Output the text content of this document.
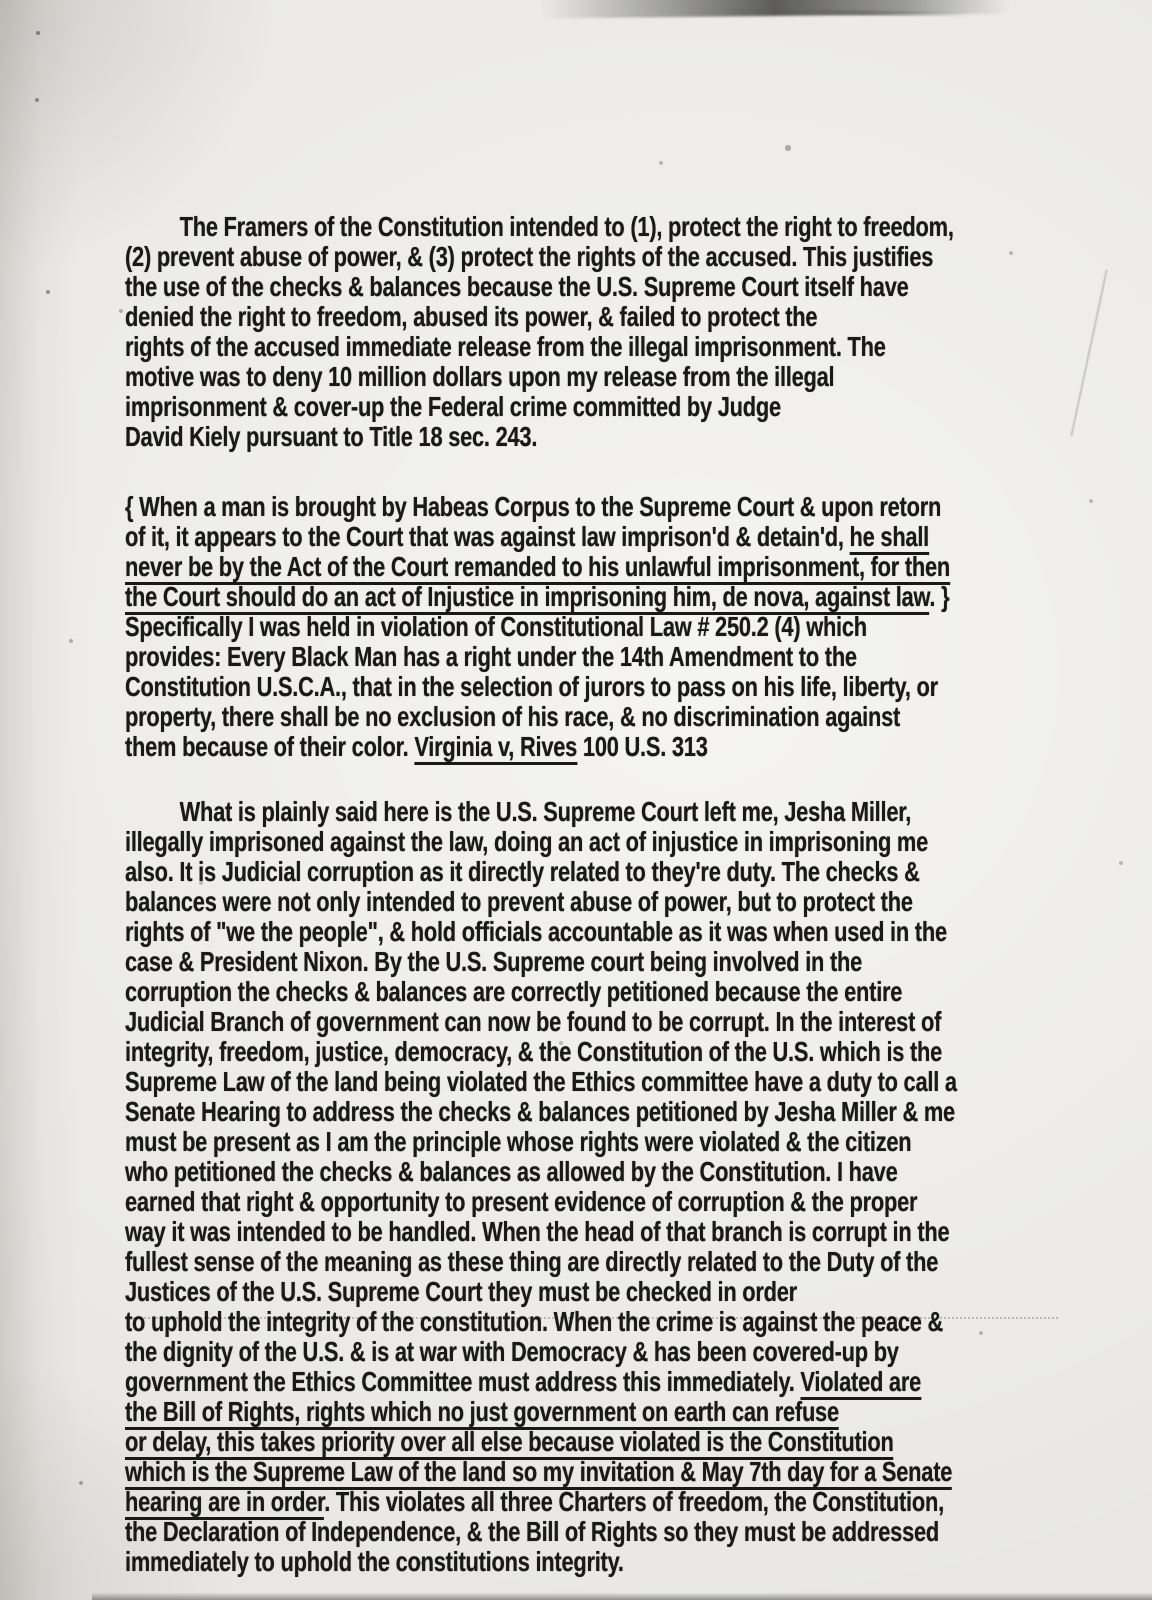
The Framers of the Constitution intended to (1), protect the right to freedom,
(2) prevent abuse of power, & (3) protect the rights of the accused. This justifies
the use of the checks & balances because the U.S. Supreme Court itself have
denied the right to freedom, abused its power, & failed to protect the
rights of the accused immediate release from the illegal imprisonment. The
motive was to deny 10 million dollars upon my release from the illegal
imprisonment & cover-up the Federal crime committed by Judge
David Kiely pursuant to Title 18 sec. 243.
{ When a man is brought by Habeas Corpus to the Supreme Court & upon retorn
of it, it appears to the Court that was against law imprison'd & detain'd, he shall
never be by the Act of the Court remanded to his unlawful imprisonment, for then
the Court should do an act of Injustice in imprisoning him, de nova, against law. }
Specifically I was held in violation of Constitutional Law # 250.2 (4) which
provides: Every Black Man has a right under the 14th Amendment to the
Constitution U.S.C.A., that in the selection of jurors to pass on his life, liberty, or
property, there shall be no exclusion of his race, & no discrimination against
them because of their color. Virginia v, Rives 100 U.S. 313
What is plainly said here is the U.S. Supreme Court left me, Jesha Miller,
illegally imprisoned against the law, doing an act of injustice in imprisoning me
also. It is Judicial corruption as it directly related to they're duty. The checks &
balances were not only intended to prevent abuse of power, but to protect the
rights of "we the people", & hold officials accountable as it was when used in the
case & President Nixon. By the U.S. Supreme court being involved in the
corruption the checks & balances are correctly petitioned because the entire
Judicial Branch of government can now be found to be corrupt. In the interest of
integrity, freedom, justice, democracy, & the Constitution of the U.S. which is the
Supreme Law of the land being violated the Ethics committee have a duty to call a
Senate Hearing to address the checks & balances petitioned by Jesha Miller & me
must be present as I am the principle whose rights were violated & the citizen
who petitioned the checks & balances as allowed by the Constitution. I have
earned that right & opportunity to present evidence of corruption & the proper
way it was intended to be handled. When the head of that branch is corrupt in the
fullest sense of the meaning as these thing are directly related to the Duty of the
Justices of the U.S. Supreme Court they must be checked in order
to uphold the integrity of the constitution. When the crime is against the peace &
the dignity of the U.S. & is at war with Democracy & has been covered-up by
government the Ethics Committee must address this immediately. Violated are
the Bill of Rights, rights which no just government on earth can refuse
or delay, this takes priority over all else because violated is the Constitution
which is the Supreme Law of the land so my invitation & May 7th day for a Senate
hearing are in order. This violates all three Charters of freedom, the Constitution,
the Declaration of Independence, & the Bill of Rights so they must be addressed
immediately to uphold the constitutions integrity.
